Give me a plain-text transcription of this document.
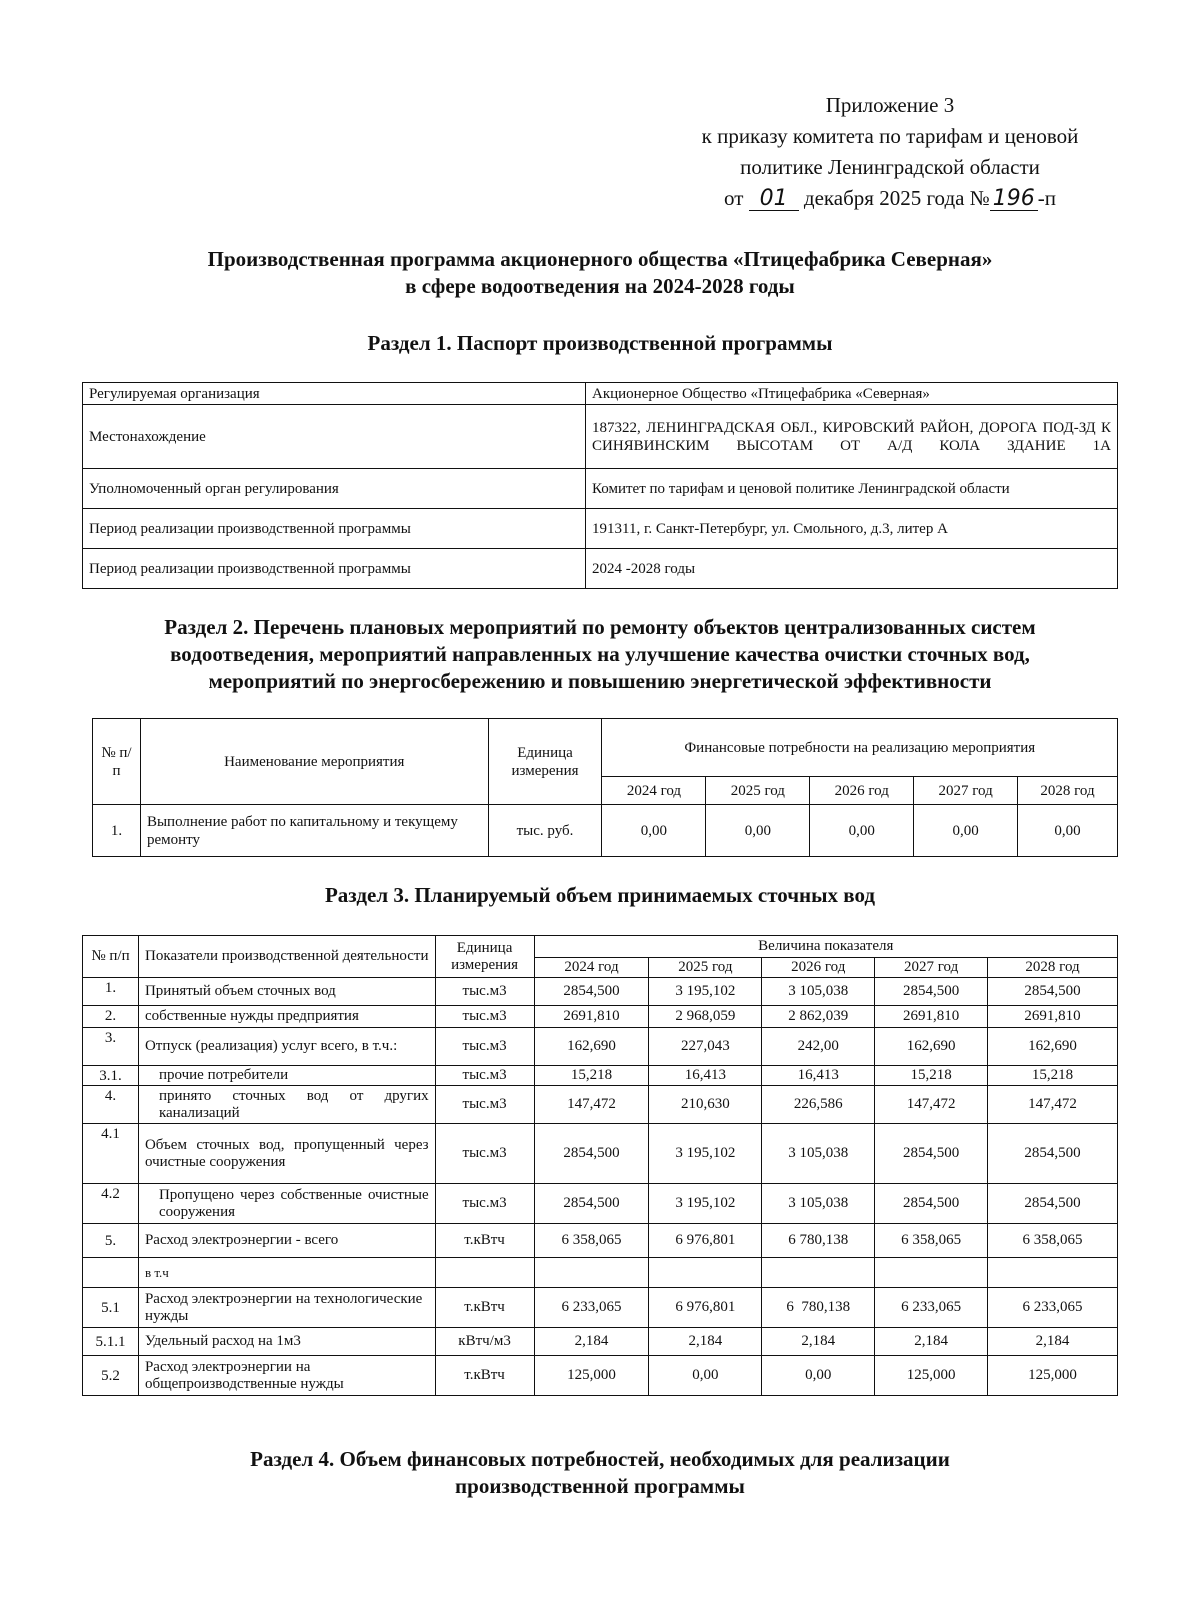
Приложение 3
к приказу комитета по тарифам и ценовой
политике Ленинградской области
от 01 декабря 2025 года № 196 -п
Производственная программа акционерного общества «Птицефабрика Северная»
в сфере водоотведения на 2024-2028 годы
Раздел 1. Паспорт производственной программы
Регулируемая организация	Акционерное Общество «Птицефабрика «Северная»
Местонахождение	187322, ЛЕНИНГРАДСКАЯ ОБЛ., КИРОВСКИЙ РАЙОН, ДОРОГА ПОД-ЗД К СИНЯВИНСКИМ ВЫСОТАМ ОТ А/Д КОЛА ЗДАНИЕ 1А
Уполномоченный орган регулирования	Комитет по тарифам и ценовой политике Ленинградской области
Период реализации производственной программы	191311, г. Санкт-Петербург, ул. Смольного, д.3, литер А
Период реализации производственной программы	2024 -2028 годы
Раздел 2. Перечень плановых мероприятий по ремонту объектов централизованных систем
водоотведения, мероприятий направленных на улучшение качества очистки сточных вод,
мероприятий по энергосбережению и повышению энергетической эффективности
№ п/п	Наименование мероприятия	Единица измерения	Финансовые потребности на реализацию мероприятия				
			2024 год	2025 год	2026 год	2027 год	2028 год
1.	Выполнение работ по капитальному и текущему ремонту	тыс. руб.	0,00	0,00	0,00	0,00	0,00
Раздел 3. Планируемый объем принимаемых сточных вод
№ п/п	Показатели производственной деятельности	Единица измерения	Величина показателя				
			2024 год	2025 год	2026 год	2027 год	2028 год
1.	Принятый объем сточных вод	тыс.м3	2854,500	3 195,102	3 105,038	2854,500	2854,500
2.	собственные нужды предприятия	тыс.м3	2691,810	2 968,059	2 862,039	2691,810	2691,810
3.	Отпуск (реализация) услуг всего, в т.ч.:	тыс.м3	162,690	227,043	242,00	162,690	162,690
3.1.	прочие потребители	тыс.м3	15,218	16,413	16,413	15,218	15,218
4.	принято сточных вод от других канализаций	тыс.м3	147,472	210,630	226,586	147,472	147,472
4.1	Объем сточных вод, пропущенный через очистные сооружения	тыс.м3	2854,500	3 195,102	3 105,038	2854,500	2854,500
4.2	Пропущено через собственные очистные сооружения	тыс.м3	2854,500	3 195,102	3 105,038	2854,500	2854,500
5.	Расход электроэнергии - всего	т.кВтч	6 358,065	6 976,801	6 780,138	6 358,065	6 358,065
	в т.ч						
5.1	Расход электроэнергии на технологические нужды	т.кВтч	6 233,065	6 976,801	6  780,138	6 233,065	6 233,065
5.1.1	Удельный расход на 1м3	кВтч/м3	2,184	2,184	2,184	2,184	2,184
5.2	Расход электроэнергии на общепроизводственные нужды	т.кВтч	125,000	0,00	0,00	125,000	125,000
Раздел 4. Объем финансовых потребностей, необходимых для реализации
производственной программы
